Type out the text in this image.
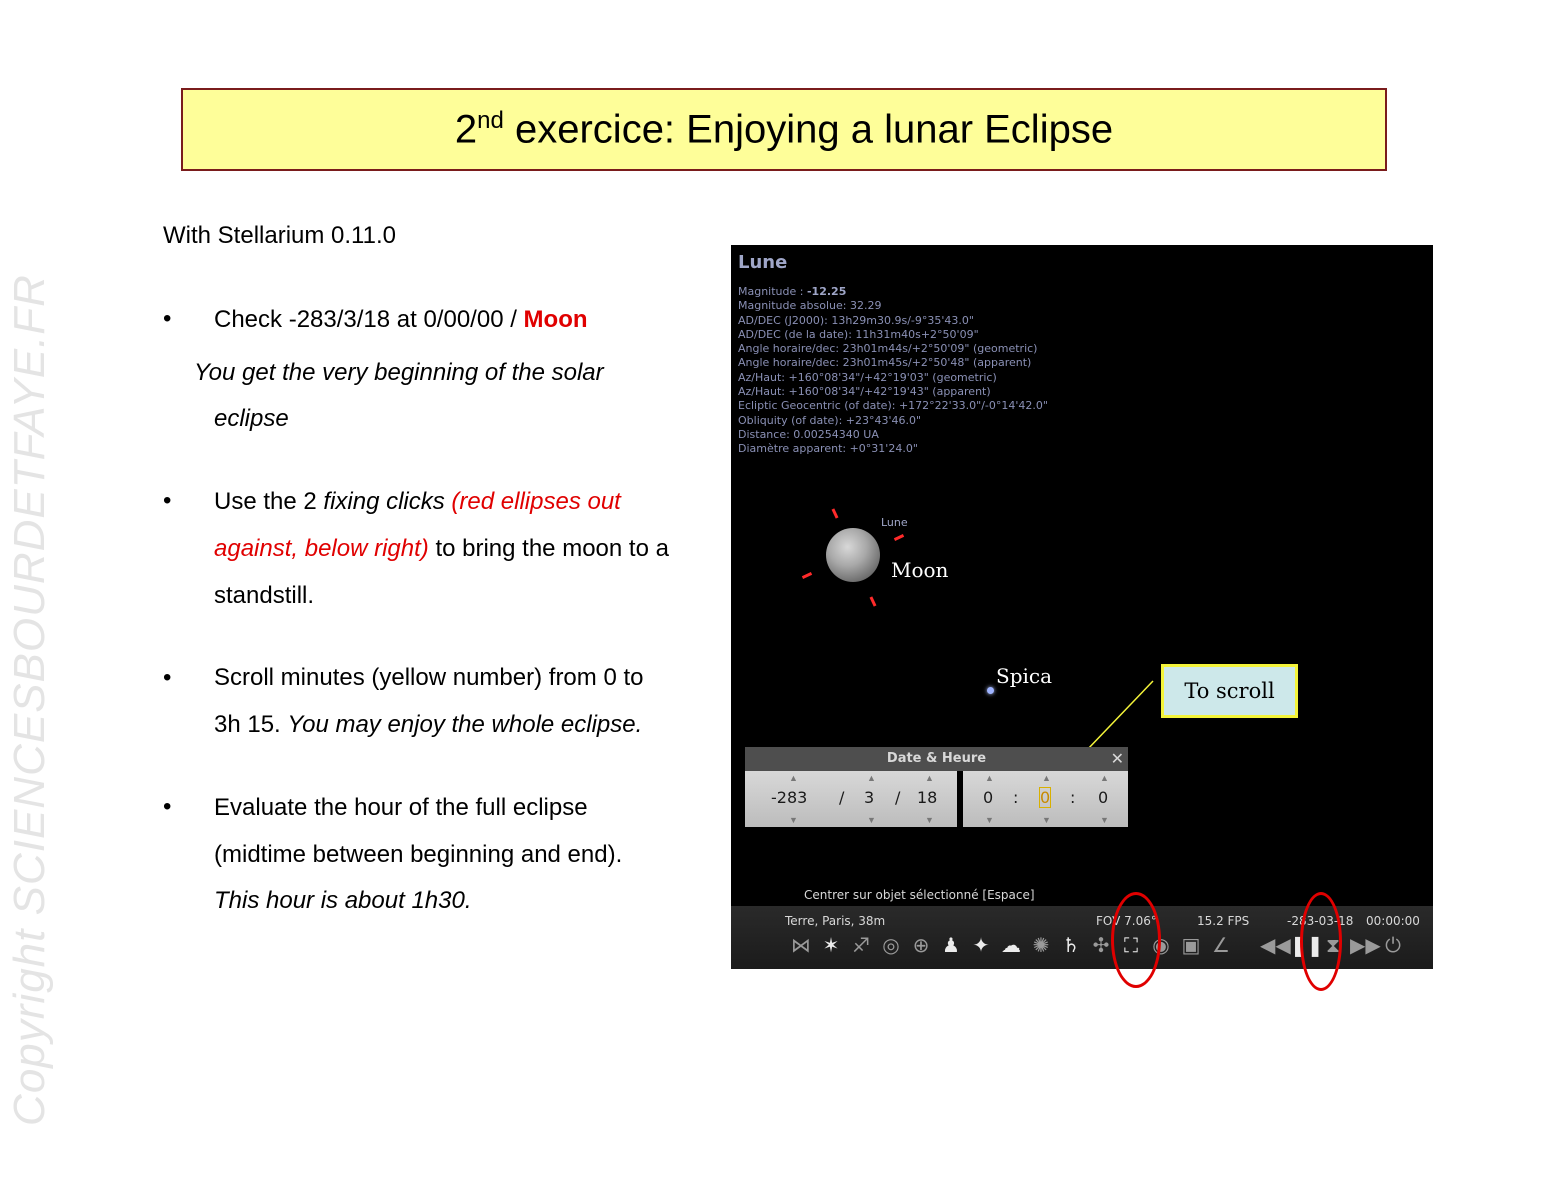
Copyright SCIENCESBOURDETFAYE.FR
2nd exercice: Enjoying a lunar Eclipse
With Stellarium 0.11.0
• Check -283/3/18 at 0/00/00 / Moon
You get the very beginning of the solar
eclipse
• Use the 2 fixing clicks (red ellipses out
against, below right) to bring the moon to a
standstill.
• Scroll minutes (yellow number) from 0 to
3h 15. You may enjoy the whole eclipse.
• Evaluate the hour of the full eclipse
(midtime between beginning and end).
This hour is about 1h30.
Lune
Magnitude : -12.25
Magnitude absolue: 32.29
AD/DEC (J2000): 13h29m30.9s/-9°35'43.0"
AD/DEC (de la date): 11h31m40s+2°50'09"
Angle horaire/dec: 23h01m44s/+2°50'09" (geometric)
Angle horaire/dec: 23h01m45s/+2°50'48" (apparent)
Az/Haut: +160°08'34"/+42°19'03" (geometric)
Az/Haut: +160°08'34"/+42°19'43" (apparent)
Ecliptic Geocentric (of date): +172°22'33.0"/-0°14'42.0"
Obliquity (of date): +23°43'46.0"
Distance: 0.00254340 UA
Diamètre apparent: +0°31'24.0"
Lune
Moon
Spica
To scroll
Date & Heure	✕
▲
▼
-283 /
▲
▼
3 /
▲
▼
18
▲
▼
0 :
▲
▼
0 :
▲
▼
0
Centrer sur objet sélectionné [Espace]
Terre, Paris, 38m	FOV 7.06°	15.2 FPS	-283-03-18 00:00:00
⋈ ✶ ♐ ◎ ⊕ ♟ ✦ ☁ ✺ ♄ ✣ ⛶ ◉ ▣ ∠ ◀◀ ❚❚ ⧗ ▶▶ ⏻
